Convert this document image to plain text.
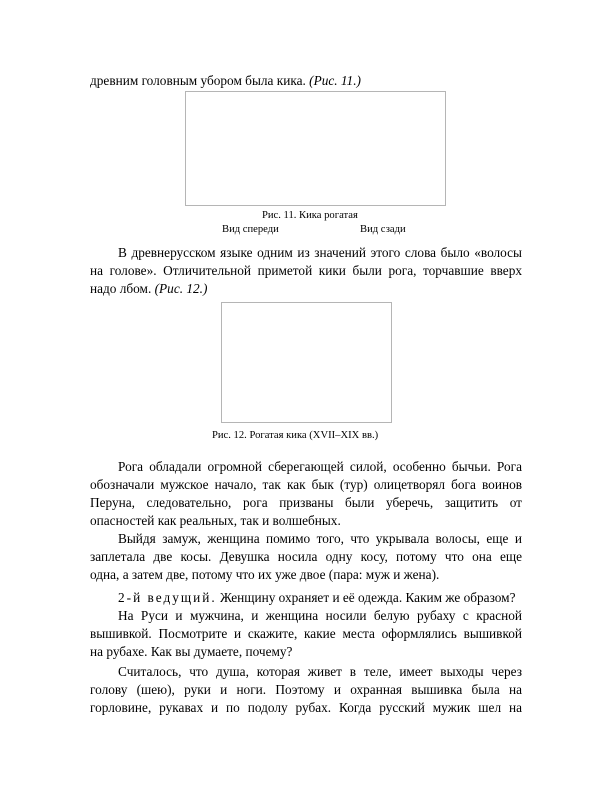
древним головным убором была кика. (Рис. 11.)
Рис. 11. Кика рогатая
Вид спереди	Вид сзади
В древнерусском языке одним из значений этого слова было «волосы
на голове». Отличительной приметой кики были рога, торчавшие вверх
надо лбом. (Рис. 12.)
Рис. 12. Рогатая кика (XVII–XIX вв.)
Рога обладали огромной сберегающей силой, особенно бычьи. Рога
обозначали мужское начало, так как бык (тур) олицетворял бога воинов
Перуна, следовательно, рога призваны были уберечь, защитить от
опасностей как реальных, так и волшебных.
Выйдя замуж, женщина помимо того, что укрывала волосы, еще и
заплетала две косы. Девушка носила одну косу, потому что она еще
одна, а затем две, потому что их уже двое (пара: муж и жена).
2-й ведущий. Женщину охраняет и её одежда. Каким же образом?
На Руси и мужчина, и женщина носили белую рубаху с красной
вышивкой. Посмотрите и скажите, какие места оформлялись вышивкой
на рубахе. Как вы думаете, почему?
Считалось, что душа, которая живет в теле, имеет выходы через
голову (шею), руки и ноги. Поэтому и охранная вышивка была на
горловине, рукавах и по подолу рубах. Когда русский мужик шел на
